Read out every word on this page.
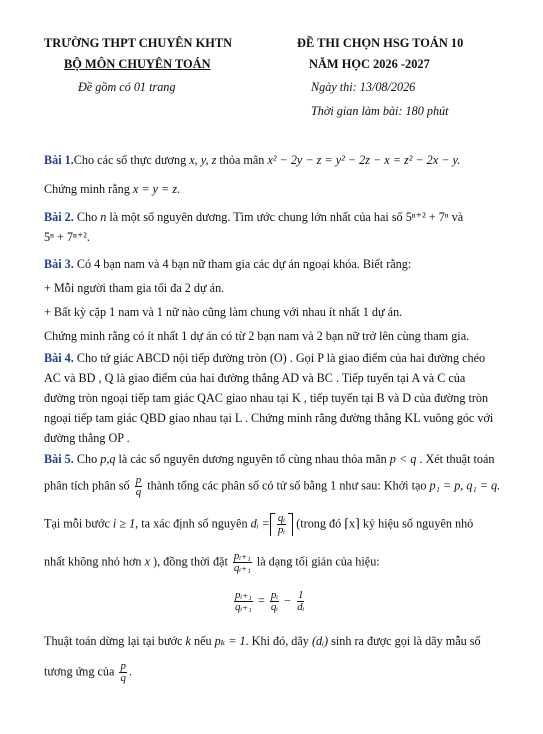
TRƯỜNG THPT CHUYÊN KHTN
BỘ MÔN CHUYÊN TOÁN
Đề gồm có 01 trang
ĐỀ THI CHỌN HSG TOÁN 10
NĂM HỌC 2026 -2027
Ngày thi: 13/08/2026
Thời gian làm bài: 180 phút
Bài 1.Cho các số thực dương x, y, z thỏa mãn x² − 2y − z = y² − 2z − x = z² − 2x − y.
Chứng minh rằng x = y = z.
Bài 2. Cho n là một số nguyên dương. Tìm ước chung lớn nhất của hai số 5ⁿ⁺² + 7ⁿ và
5ⁿ + 7ⁿ⁺².
Bài 3. Có 4 bạn nam và 4 bạn nữ tham gia các dự án ngoại khóa. Biết rằng:
+ Mỗi người tham gia tối đa 2 dự án.
+ Bất kỳ cặp 1 nam và 1 nữ nào cũng làm chung với nhau ít nhất 1 dự án.
Chứng minh rằng có ít nhất 1 dự án có từ 2 bạn nam và 2 bạn nữ trở lên cùng tham gia.
Bài 4. Cho tứ giác ABCD nội tiếp đường tròn (O) . Gọi P là giao điểm của hai đường chéo
AC và BD , Q là giao điểm của hai đường thẳng AD và BC . Tiếp tuyến tại A và C của
đường tròn ngoại tiếp tam giác QAC giao nhau tại K , tiếp tuyến tại B và D của đường tròn
ngoại tiếp tam giác QBD giao nhau tại L . Chứng minh rằng đường thẳng KL vuông góc với
đường thẳng OP .
Bài 5. Cho p,q là các số nguyên dương nguyên tố cùng nhau thỏa mãn p < q . Xét thuật toán
phân tích phân số $\frac{p}{q}$ thành tổng các phân số có tử số bằng 1 như sau: Khởi tạo p₁ = p, q₁ = q.
Tại mỗi bước i ≥ 1, ta xác định số nguyên dᵢ = $\frac{\text{qᵢ}}{\text{pᵢ}}$ (trong đó ⌈x⌉ kỷ hiệu số nguyên nhỏ
nhất không nhỏ hơn x ), đồng thời đặt $\frac{\text{pᵢ₊₁}}{\text{qᵢ₊₁}}$ là dạng tối giản của hiệu:
$\frac{\text{pᵢ₊₁}}{\text{qᵢ₊₁}} = \frac{\text{pᵢ}}{\text{qᵢ}} - \frac{1}{\text{dᵢ}}$
Thuật toán dừng lại tại bước k nếu pₖ = 1. Khi đó, dãy (dᵢ) sinh ra được gọi là dãy mẫu số
tương ứng của $\frac{p}{q}$ .
